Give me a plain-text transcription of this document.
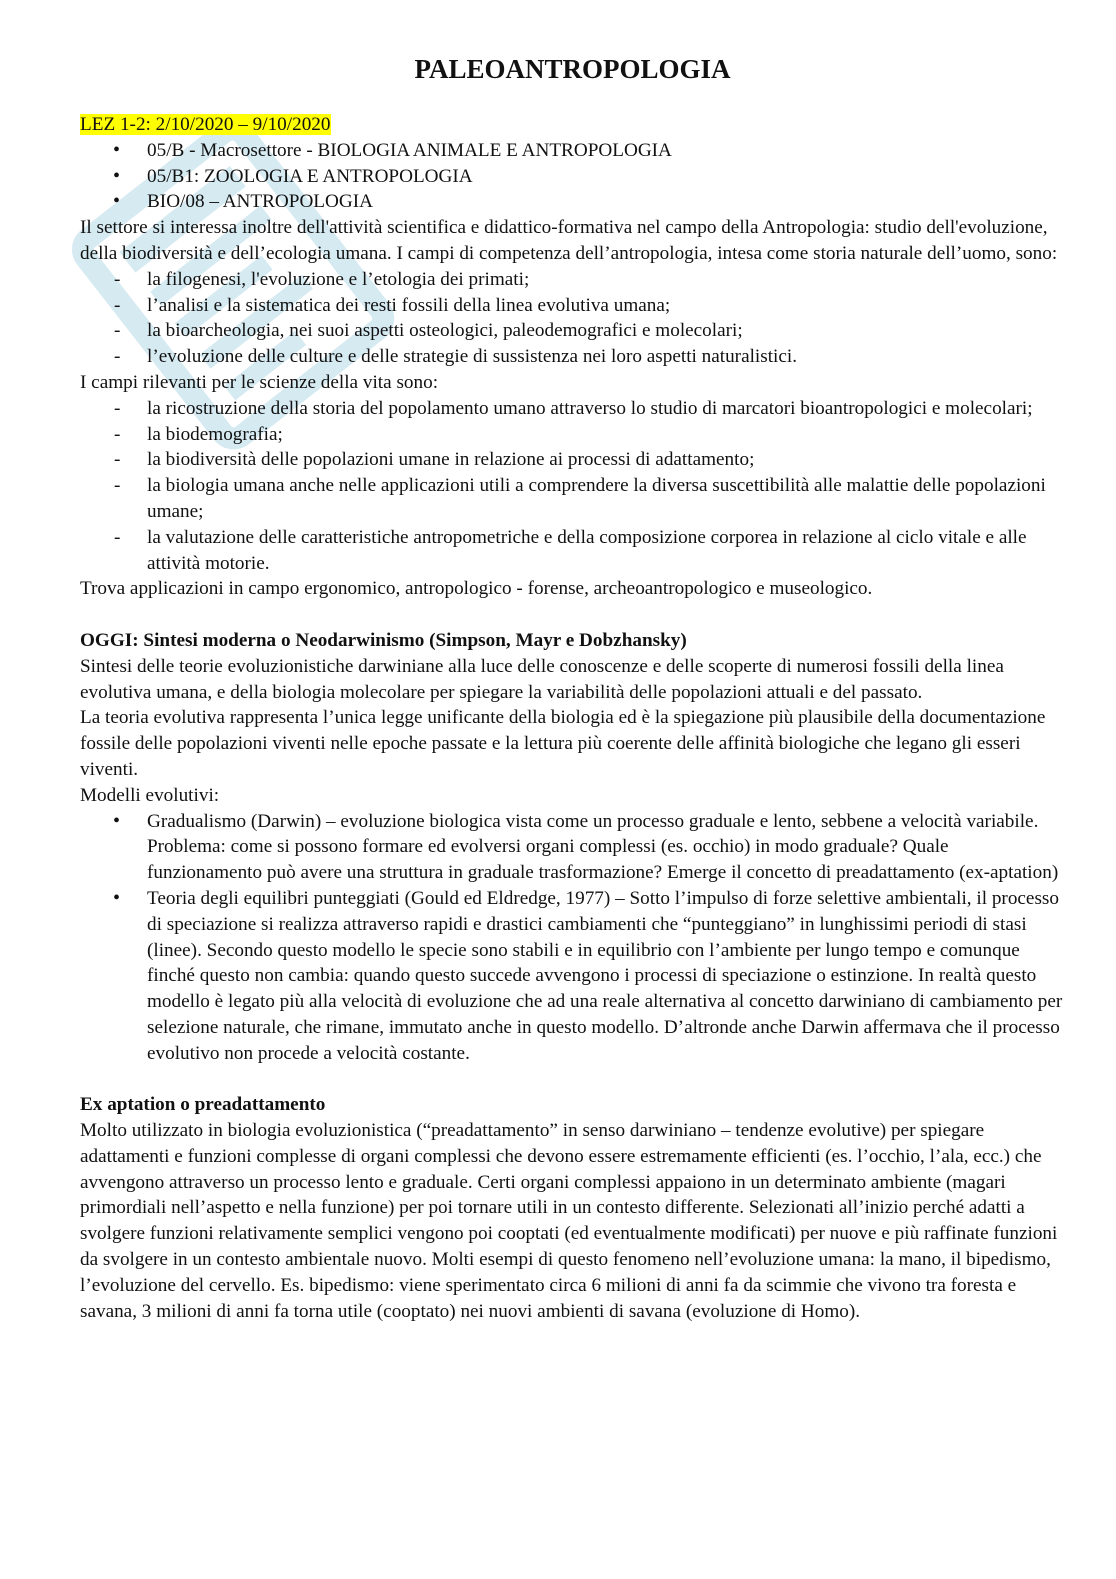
PALEOANTROPOLOGIA

LEZ 1-2: 2/10/2020 – 9/10/2020

• 05/B - Macrosettore - BIOLOGIA ANIMALE E ANTROPOLOGIA
• 05/B1: ZOOLOGIA E ANTROPOLOGIA
• BIO/08 – ANTROPOLOGIA

Il settore si interessa inoltre dell'attività scientifica e didattico-formativa nel campo della Antropologia: studio dell'evoluzione, della biodiversità e dell’ecologia umana. I campi di competenza dell’antropologia, intesa come storia naturale dell’uomo, sono:

- la filogenesi, l'evoluzione e l’etologia dei primati;
- l’analisi e la sistematica dei resti fossili della linea evolutiva umana;
- la bioarcheologia, nei suoi aspetti osteologici, paleodemografici e molecolari;
- l’evoluzione delle culture e delle strategie di sussistenza nei loro aspetti naturalistici.

I campi rilevanti per le scienze della vita sono:

- la ricostruzione della storia del popolamento umano attraverso lo studio di marcatori bioantropologici e molecolari;
- la biodemografia;
- la biodiversità delle popolazioni umane in relazione ai processi di adattamento;
- la biologia umana anche nelle applicazioni utili a comprendere la diversa suscettibilità alle malattie delle popolazioni umane;
- la valutazione delle caratteristiche antropometriche e della composizione corporea in relazione al ciclo vitale e alle attività motorie.

Trova applicazioni in campo ergonomico, antropologico - forense, archeoantropologico e museologico.

OGGI: Sintesi moderna o Neodarwinismo (Simpson, Mayr e Dobzhansky)

Sintesi delle teorie evoluzionistiche darwiniane alla luce delle conoscenze e delle scoperte di numerosi fossili della linea evolutiva umana, e della biologia molecolare per spiegare la variabilità delle popolazioni attuali e del passato.

La teoria evolutiva rappresenta l’unica legge unificante della biologia ed è la spiegazione più plausibile della documentazione fossile delle popolazioni viventi nelle epoche passate e la lettura più coerente delle affinità biologiche che legano gli esseri viventi.

Modelli evolutivi:

• Gradualismo (Darwin) – evoluzione biologica vista come un processo graduale e lento, sebbene a velocità variabile. Problema: come si possono formare ed evolversi organi complessi (es. occhio) in modo graduale? Quale funzionamento può avere una struttura in graduale trasformazione? Emerge il concetto di preadattamento (ex-aptation)
• Teoria degli equilibri punteggiati (Gould ed Eldredge, 1977) – Sotto l’impulso di forze selettive ambientali, il processo di speciazione si realizza attraverso rapidi e drastici cambiamenti che “punteggiano” in lunghissimi periodi di stasi (linee). Secondo questo modello le specie sono stabili e in equilibrio con l’ambiente per lungo tempo e comunque finché questo non cambia: quando questo succede avvengono i processi di speciazione o estinzione. In realtà questo modello è legato più alla velocità di evoluzione che ad una reale alternativa al concetto darwiniano di cambiamento per selezione naturale, che rimane, immutato anche in questo modello. D’altronde anche Darwin affermava che il processo evolutivo non procede a velocità costante.

Ex aptation o preadattamento

Molto utilizzato in biologia evoluzionistica (“preadattamento” in senso darwiniano – tendenze evolutive) per spiegare adattamenti e funzioni complesse di organi complessi che devono essere estremamente efficienti (es. l’occhio, l’ala, ecc.) che avvengono attraverso un processo lento e graduale. Certi organi complessi appaiono in un determinato ambiente (magari primordiali nell’aspetto e nella funzione) per poi tornare utili in un contesto differente. Selezionati all’inizio perché adatti a svolgere funzioni relativamente semplici vengono poi cooptati (ed eventualmente modificati) per nuove e più raffinate funzioni da svolgere in un contesto ambientale nuovo. Molti esempi di questo fenomeno nell’evoluzione umana: la mano, il bipedismo, l’evoluzione del cervello. Es. bipedismo: viene sperimentato circa 6 milioni di anni fa da scimmie che vivono tra foresta e savana, 3 milioni di anni fa torna utile (cooptato) nei nuovi ambienti di savana (evoluzione di Homo).
